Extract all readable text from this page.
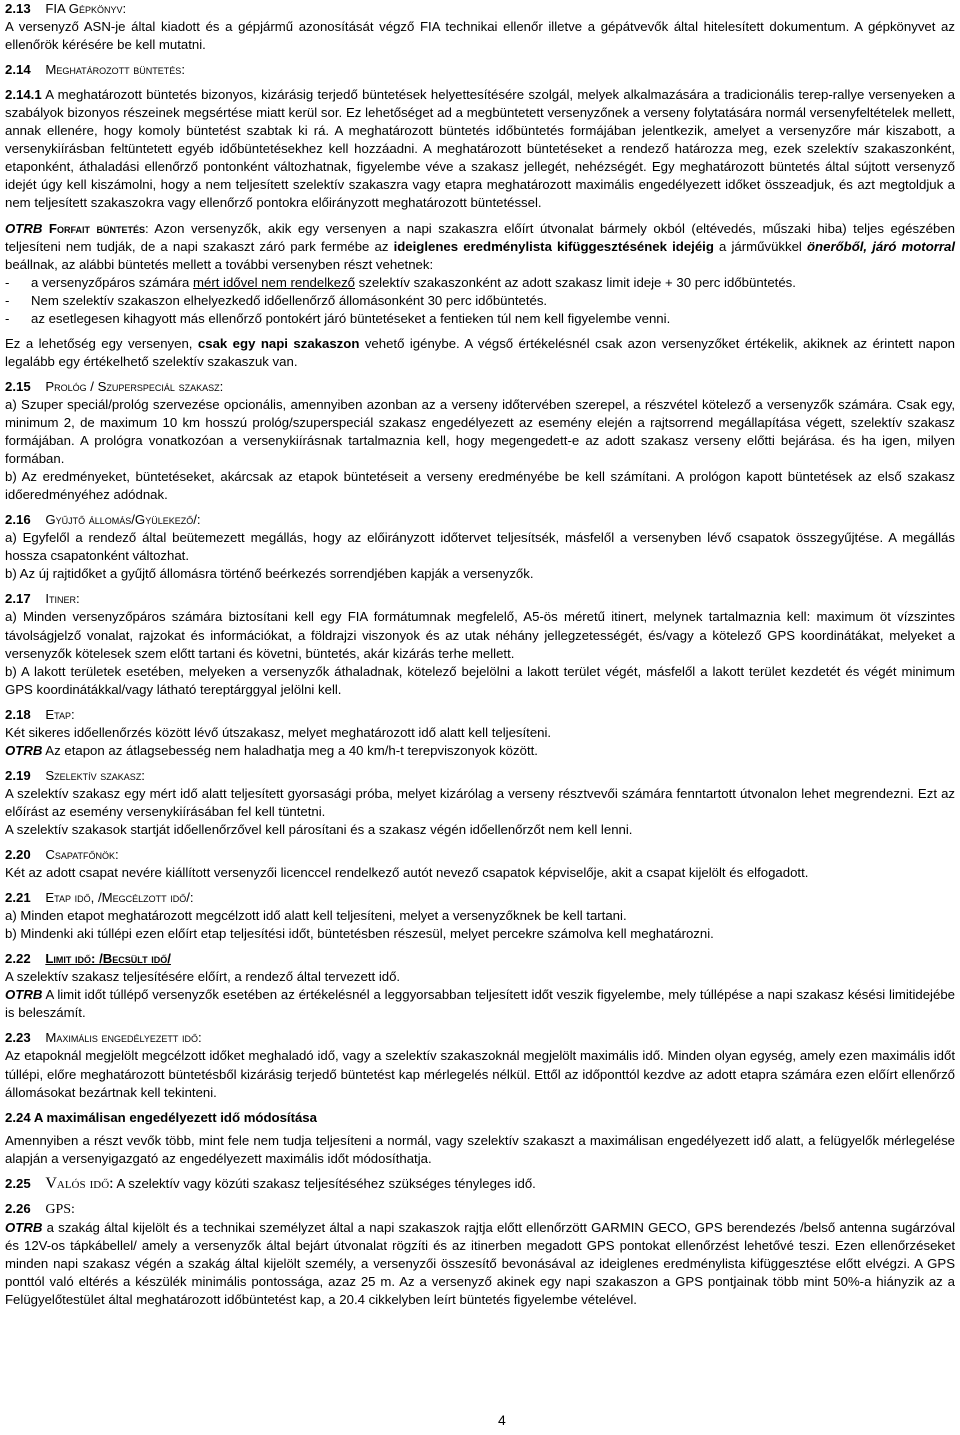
2.13 FIA Gépkönyv:

A versenyző ASN-je által kiadott és a gépjármű azonosítását végző FIA technikai ellenőr illetve a gépátvevők által hitelesített dokumentum. A gépkönyvet az ellenőrök kérésére be kell mutatni.

2.14 Meghatározott büntetés:

2.14.1 A meghatározott büntetés bizonyos, kizárásig terjedő büntetések helyettesítésére szolgál, melyek alkalmazására a tradicionális terep-rallye versenyeken a szabályok bizonyos részeinek megsértése miatt kerül sor. Ez lehetőséget ad a megbüntetett versenyzőnek a verseny folytatására normál versenyfeltételek mellett, annak ellenére, hogy komoly büntetést szabtak ki rá. A meghatározott büntetés időbüntetés formájában jelentkezik, amelyet a versenyzőre már kiszabott, a versenykiírásban feltüntetett egyéb időbüntetésekhez kell hozzáadni. A meghatározott büntetéseket a rendező határozza meg, ezek szelektív szakaszonként, etaponként, áthaladási ellenőrző pontonként változhatnak, figyelembe véve a szakasz jellegét, nehézségét. Egy meghatározott büntetés által sújtott versenyző idejét úgy kell kiszámolni, hogy a nem teljesített szelektív szakaszra vagy etapra meghatározott maximális engedélyezett időket összeadjuk, és azt megtoldjuk a nem teljesített szakaszokra vagy ellenőrző pontokra előirányzott meghatározott büntetéssel.

OTRB Forfait büntetés: Azon versenyzők, akik egy versenyen a napi szakaszra előírt útvonalat bármely okból (eltévedés, műszaki hiba) teljes egészében teljesíteni nem tudják, de a napi szakaszt záró park fermébe az ideiglenes eredménylista kifüggesztésének idejéig a járművükkel önerőből, járó motorral beállnak, az alábbi büntetés mellett a további versenyben részt vehetnek:

-	a versenyzőpáros számára mért idővel nem rendelkező szelektív szakaszonként az adott szakasz limit ideje + 30 perc időbüntetés.
-	Nem szelektív szakaszon elhelyezkedő időellenőrző állomásonként 30 perc időbüntetés.
-	az esetlegesen kihagyott más ellenőrző pontokért járó büntetéseket a fentieken túl nem kell figyelembe venni.

Ez a lehetőség egy versenyen, csak egy napi szakaszon vehető igénybe. A végső értékelésnél csak azon versenyzőket értékelik, akiknek az érintett napon legalább egy értékelhető szelektív szakaszuk van.

2.15 Prológ / Szuperspeciál szakasz:

a) Szuper speciál/prológ szervezése opcionális, amennyiben azonban az a verseny időtervében szerepel, a részvétel kötelező a versenyzők számára. Csak egy, minimum 2, de maximum 10 km hosszú prológ/szuperspeciál szakasz engedélyezett az esemény elején a rajtsorrend megállapítása végett, szelektív szakasz formájában. A prológra vonatkozóan a versenykiírásnak tartalmaznia kell, hogy megengedett-e az adott szakasz verseny előtti bejárása. és ha igen, milyen formában.

b) Az eredményeket, büntetéseket, akárcsak az etapok büntetéseit a verseny eredményébe be kell számítani. A prológon kapott büntetések az első szakasz időeredményéhez adódnak.

2.16 Gyűjtő állomás/Gyülekező/:

a) Egyfelől a rendező által beütemezett megállás, hogy az előirányzott időtervet teljesítsék, másfelől a versenyben lévő csapatok összegyűjtése. A megállás hossza csapatonként változhat.

b) Az új rajtidőket a gyűjtő állomásra történő beérkezés sorrendjében kapják a versenyzők.

2.17 Itiner:

a) Minden versenyzőpáros számára biztosítani kell egy FIA formátumnak megfelelő, A5-ös méretű itinert, melynek tartalmaznia kell: maximum öt vízszintes távolságjelző vonalat, rajzokat és információkat, a földrajzi viszonyok és az utak néhány jellegzetességét, és/vagy a kötelező GPS koordinátákat, melyeket a versenyzők kötelesek szem előtt tartani és követni, büntetés, akár kizárás terhe mellett.

b) A lakott területek esetében, melyeken a versenyzők áthaladnak, kötelező bejelölni a lakott terület végét, másfelől a lakott terület kezdetét és végét minimum GPS koordinátákkal/vagy látható tereptárggyal jelölni kell.

2.18 Etap:

Két sikeres időellenőrzés között lévő útszakasz, melyet meghatározott idő alatt kell teljesíteni.

OTRB Az etapon az átlagsebesség nem haladhatja meg a 40 km/h-t terepviszonyok között.

2.19 Szelektív szakasz:

A szelektív szakasz egy mért idő alatt teljesített gyorsasági próba, melyet kizárólag a verseny résztvevői számára fenntartott útvonalon lehet megrendezni. Ezt az előírást az esemény versenykiírásában fel kell tüntetni.

A szelektív szakasok startját időellenőrzővel kell párosítani és a szakasz végén időellenőrzőt nem kell lenni.

2.20 Csapatfőnök:

Két az adott csapat nevére kiállított versenyzői licenccel rendelkező autót nevező csapatok képviselője, akit a csapat kijelölt és elfogadott.

2.21 Etap idő, /Megcélzott idő/:

a) Minden etapot meghatározott megcélzott idő alatt kell teljesíteni, melyet a versenyzőknek be kell tartani.

b) Mindenki aki túllépi ezen előírt etap teljesítési időt, büntetésben részesül, melyet percekre számolva kell meghatározni.

2.22 Limit idő: /Becsült idő/

A szelektív szakasz teljesítésére előírt, a rendező által tervezett idő.

OTRB A limit időt túllépő versenyzők esetében az értékelésnél a leggyorsabban teljesített időt veszik figyelembe, mely túllépése a napi szakasz késési limitidejébe is beleszámít.

2.23 Maximális engedélyezett idő:

Az etapoknál megjelölt megcélzott időket meghaladó idő, vagy a szelektív szakaszoknál megjelölt maximális idő. Minden olyan egység, amely ezen maximális időt túllépi, előre meghatározott büntetésből kizárásig terjedő büntetést kap mérlegelés nélkül. Ettől az időponttól kezdve az adott etapra számára ezen előírt ellenőrző állomásokat bezártnak kell tekinteni.

2.24 A maximálisan engedélyezett idő módosítása

Amennyiben a részt vevők több, mint fele nem tudja teljesíteni a normál, vagy szelektív szakaszt a maximálisan engedélyezett idő alatt, a felügyelők mérlegelése alapján a versenyigazgató az engedélyezett maximális időt módosíthatja.

2.25 Valós idő: A szelektív vagy közúti szakasz teljesítéséhez szükséges tényleges idő.

2.26 GPS:

OTRB a szakág által kijelölt és a technikai személyzet által a napi szakaszok rajtja előtt ellenőrzött GARMIN GECO, GPS berendezés /belső antenna sugárzóval és 12V-os tápkábellel/ amely a versenyzők által bejárt útvonalat rögzíti és az itinerben megadott GPS pontokat ellenőrzést lehetővé teszi. Ezen ellenőrzéseket minden napi szakasz végén a szakág által kijelölt személy, a versenyzői összesítő bevonásával az ideiglenes eredménylista kifüggesztése előtt elvégzi. A GPS ponttól való eltérés a készülék minimális pontossága, azaz 25 m. Az a versenyző akinek egy napi szakaszon a GPS pontjainak több mint 50%-a hiányzik az a Felügyelőtestület által meghatározott időbüntetést kap, a 20.4 cikkelyben leírt büntetés figyelembe vételével.

4
